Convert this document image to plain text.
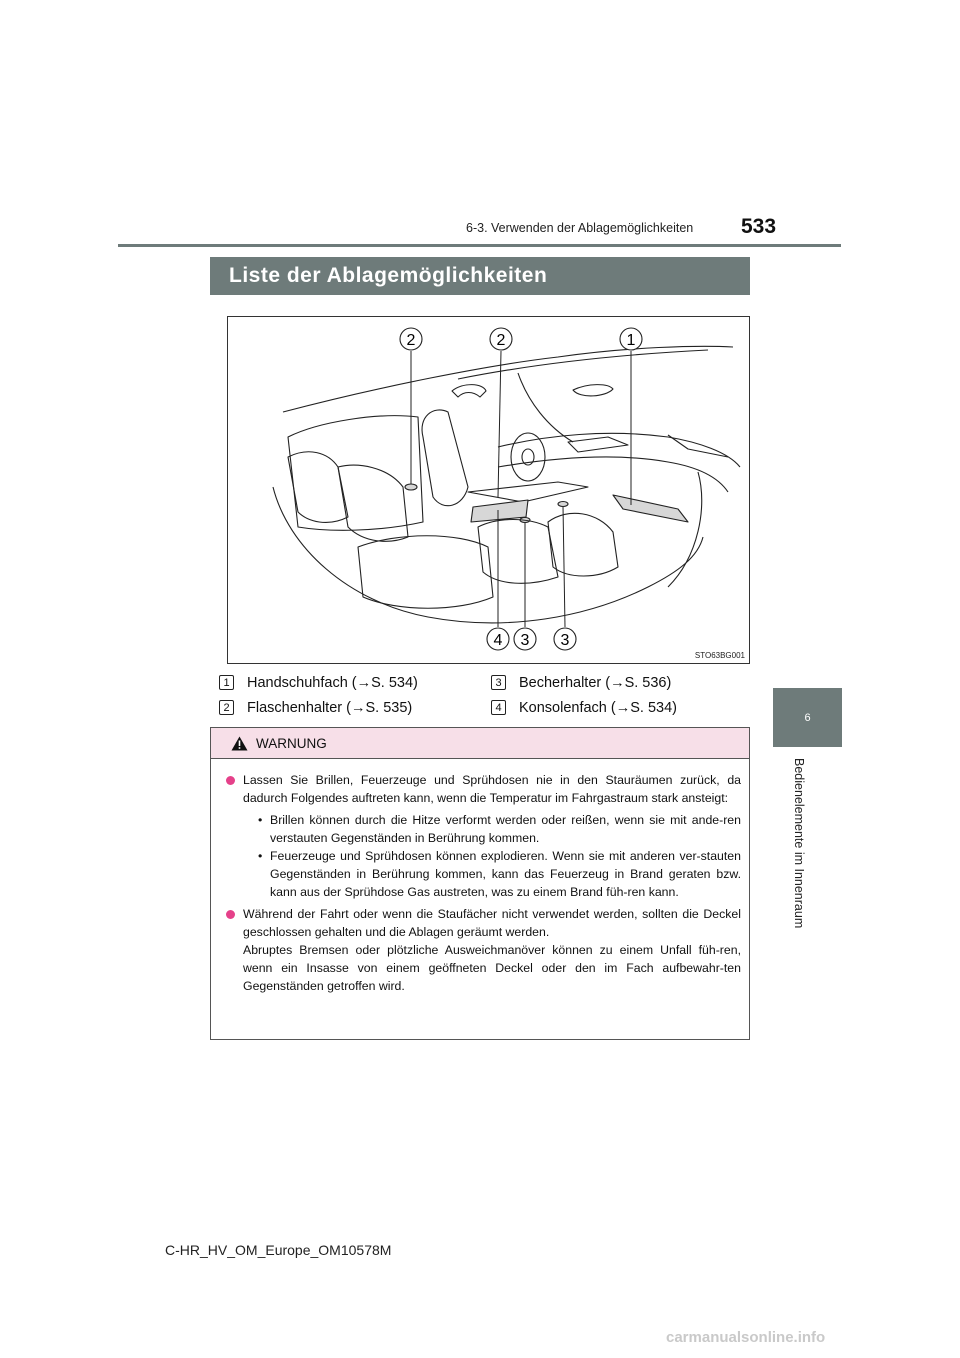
6-3. Verwenden der Ablagemöglichkeiten 533
6
Bedienelemente im Innenraum
Liste der Ablagemöglichkeiten
2	2	1
4 3 3
STO63BG001
1 Handschuhfach (→S. 534)
2 Flaschenhalter (→S. 535)
3 Becherhalter (→S. 536)
4 Konsolenfach (→S. 534)
WARNUNG
Lassen Sie Brillen, Feuerzeuge und Sprühdosen nie in den Stauräumen zurück, da dadurch Folgendes auftreten kann, wenn die Temperatur im Fahrgastraum stark ansteigt:
• Brillen können durch die Hitze verformt werden oder reißen, wenn sie mit ande-ren verstauten Gegenständen in Berührung kommen.
• Feuerzeuge und Sprühdosen können explodieren. Wenn sie mit anderen ver-stauten Gegenständen in Berührung kommen, kann das Feuerzeug in Brand geraten bzw. kann aus der Sprühdose Gas austreten, was zu einem Brand füh-ren kann.
Während der Fahrt oder wenn die Staufächer nicht verwendet werden, sollten die Deckel geschlossen gehalten und die Ablagen geräumt werden.
Abruptes Bremsen oder plötzliche Ausweichmanöver können zu einem Unfall füh-ren, wenn ein Insasse von einem geöffneten Deckel oder den im Fach aufbewahr-ten Gegenständen getroffen wird.
C-HR_HV_OM_Europe_OM10578M
carmanualsonline.info
